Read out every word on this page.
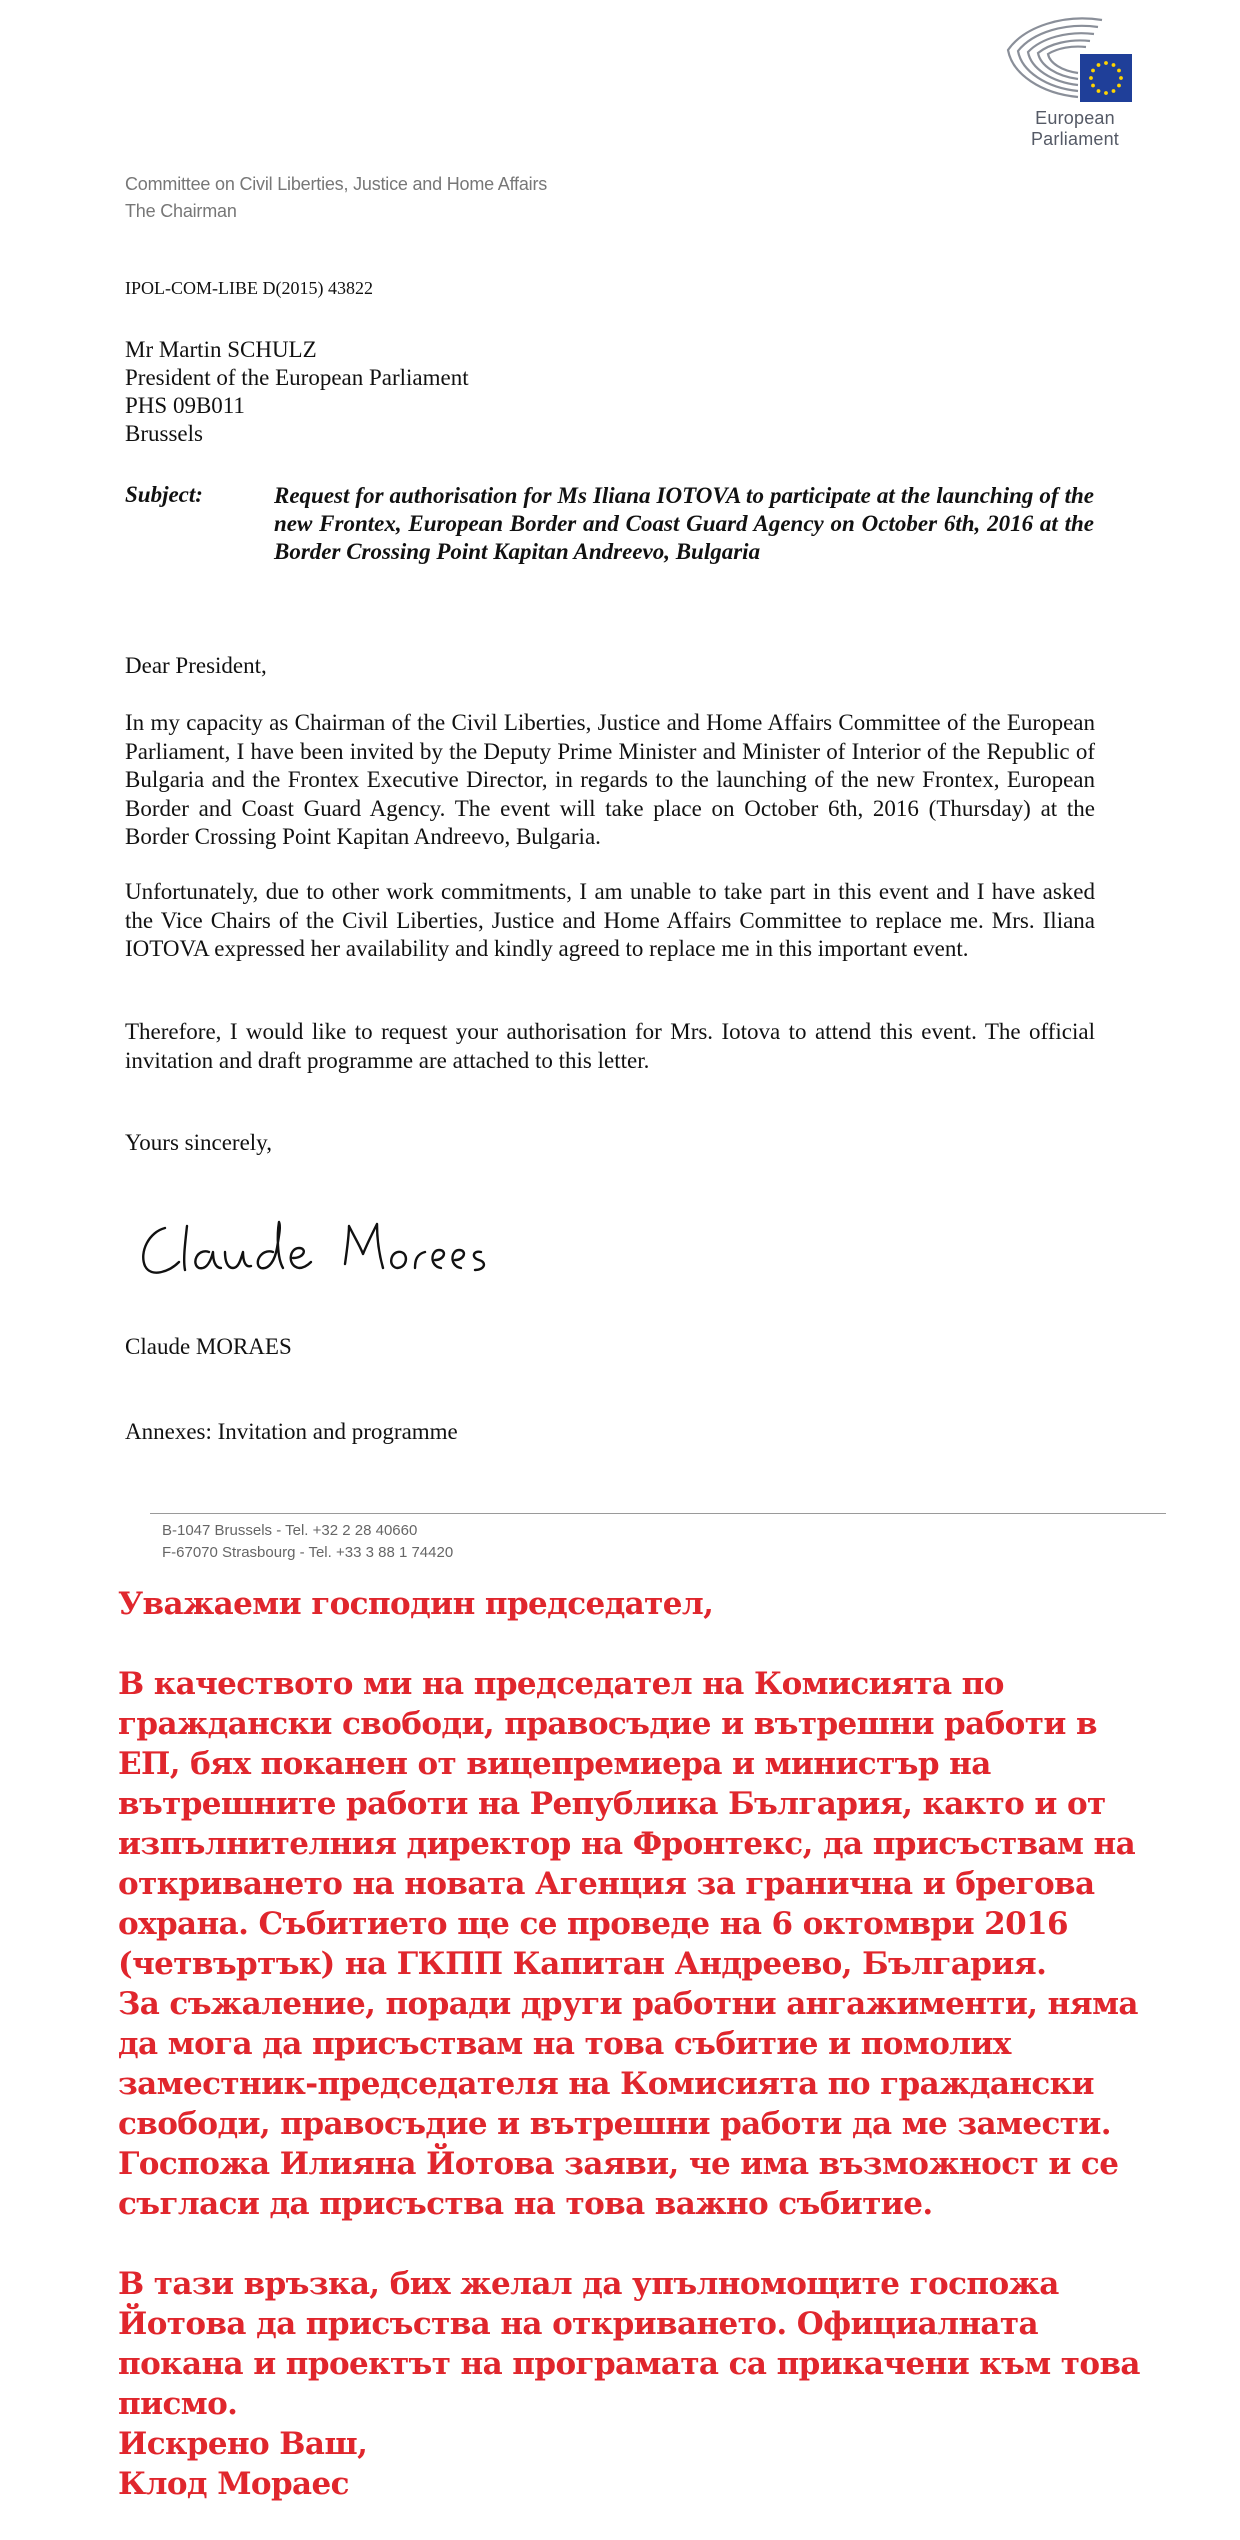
European Parliament
Committee on Civil Liberties, Justice and Home Affairs
The Chairman
IPOL-COM-LIBE D(2015) 43822
Mr Martin SCHULZ
President of the European Parliament
PHS 09B011
Brussels
Subject:	Request for authorisation for Ms Iliana IOTOVA to participate at the launching of the new Frontex, European Border and Coast Guard Agency on October 6th, 2016 at the Border Crossing Point Kapitan Andreevo, Bulgaria
Dear President,
In my capacity as Chairman of the Civil Liberties, Justice and Home Affairs Committee of the European Parliament, I have been invited by the Deputy Prime Minister and Minister of Interior of the Republic of Bulgaria and the Frontex Executive Director, in regards to the launching of the new Frontex, European Border and Coast Guard Agency. The event will take place on October 6th, 2016 (Thursday) at the Border Crossing Point Kapitan Andreevo, Bulgaria.
Unfortunately, due to other work commitments, I am unable to take part in this event and I have asked the Vice Chairs of the Civil Liberties, Justice and Home Affairs Committee to replace me. Mrs. Iliana IOTOVA expressed her availability and kindly agreed to replace me in this important event.
Therefore, I would like to request your authorisation for Mrs. Iotova to attend this event. The official invitation and draft programme are attached to this letter.
Yours sincerely,
Claude MORAES
Annexes: Invitation and programme
B-1047 Brussels - Tel. +32 2 28 40660
F-67070 Strasbourg - Tel. +33 3 88 1 74420
Уважаеми господин председател,
В качеството ми на председател на Комисията по граждански свободи, правосъдие и вътрешни работи в ЕП, бях поканен от вицепремиера и министър на вътрешните работи на Република България, както и от изпълнителния директор на Фронтекс, да присъствам на откриването на новата Агенция за гранична и брегова охрана. Събитието ще се проведе на 6 октомври 2016 (четвъртък) на ГКПП Капитан Андреево, България.
За съжаление, поради други работни ангажименти, няма да мога да присъствам на това събитие и помолих заместник-председателя на Комисията по граждански свободи, правосъдие и вътрешни работи да ме замести. Госпожа Илияна Йотова заяви, че има възможност и се съгласи да присъства на това важно събитие.
В тази връзка, бих желал да упълномощите госпожа Йотова да присъства на откриването. Официалната покана и проектът на програмата са прикачени към това писмо.
Искрено Ваш,
Клод Мораес
